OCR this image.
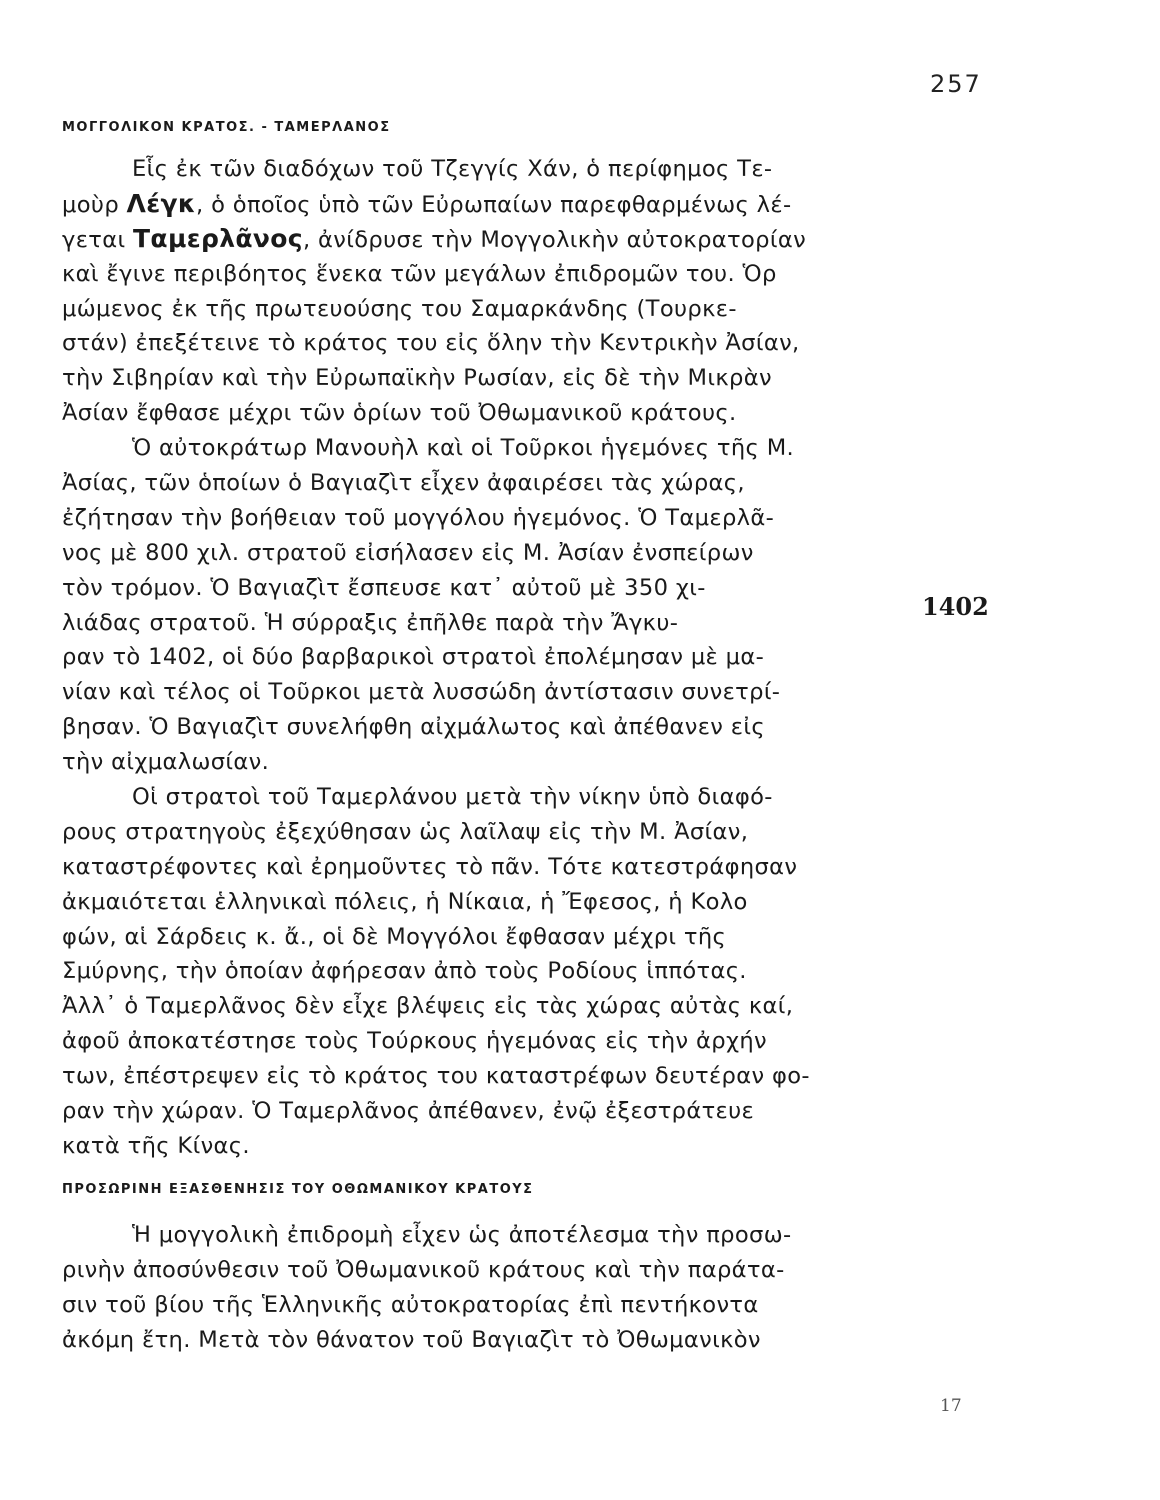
257
ΜΟΓΓΟΛΙΚΟΝ ΚΡΑΤΟΣ. - ΤΑΜΕΡΛΑΝΟΣ
Εἷς ἐκ τῶν διαδόχων τοῦ Τζεγγίς Χάν, ὁ περίφημος Τε-
μοὺρ Λέγκ, ὁ ὁποῖος ὑπὸ τῶν Εὐρωπαίων παρεφθαρμένως λέ-
γεται Ταμερλᾶνος, ἀνίδρυσε τὴν Μογγολικὴν αὐτοκρατορίαν
καὶ ἔγινε περιβόητος ἕνεκα τῶν μεγάλων ἐπιδρομῶν του. Ὁρ
μώμενος ἐκ τῆς πρωτευούσης του Σαμαρκάνδης (Τουρκε-
στάν) ἐπεξέτεινε τὸ κράτος του εἰς ὅλην τὴν Κεντρικὴν Ἀσίαν,
τὴν Σιβηρίαν καὶ τὴν Εὐρωπαϊκὴν Ρωσίαν, εἰς δὲ τὴν Μικρὰν
Ἀσίαν ἔφθασε μέχρι τῶν ὁρίων τοῦ Ὀθωμανικοῦ κράτους.
Ὁ αὐτοκράτωρ Μανουὴλ καὶ οἱ Τοῦρκοι ἡγεμόνες τῆς Μ.
Ἀσίας, τῶν ὁποίων ὁ Βαγιαζὶτ εἶχεν ἀφαιρέσει τὰς χώρας,
ἐζήτησαν τὴν βοήθειαν τοῦ μογγόλου ἡγεμόνος. Ὁ Ταμερλᾶ-
νος μὲ 800 χιλ. στρατοῦ εἰσήλασεν εἰς Μ. Ἀσίαν ἐνσπείρων
τὸν τρόμον. Ὁ Βαγιαζὶτ ἔσπευσε κατ᾽ αὐτοῦ μὲ 350 χι-
λιάδας στρατοῦ. Ἡ σύρραξις ἐπῆλθε παρὰ τὴν Ἄγκυ-
ραν τὸ 1402, οἱ δύο βαρβαρικοὶ στρατοὶ ἐπολέμησαν μὲ μα-
νίαν καὶ τέλος οἱ Τοῦρκοι μετὰ λυσσώδη ἀντίστασιν συνετρί-
βησαν. Ὁ Βαγιαζὶτ συνελήφθη αἰχμάλωτος καὶ ἀπέθανεν εἰς
τὴν αἰχμαλωσίαν.
Οἱ στρατοὶ τοῦ Ταμερλάνου μετὰ τὴν νίκην ὑπὸ διαφό-
ρους στρατηγοὺς ἐξεχύθησαν ὡς λαῖλαψ εἰς τὴν Μ. Ἀσίαν,
καταστρέφοντες καὶ ἐρημοῦντες τὸ πᾶν. Τότε κατεστράφησαν
ἀκμαιότεται ἑλληνικαὶ πόλεις, ἡ Νίκαια, ἡ Ἔφεσος, ἡ Κολο
φών, αἱ Σάρδεις κ. ἄ., οἱ δὲ Μογγόλοι ἔφθασαν μέχρι τῆς
Σμύρνης, τὴν ὁποίαν ἀφήρεσαν ἀπὸ τοὺς Ροδίους ἱππότας.
Ἀλλ᾽ ὁ Ταμερλᾶνος δὲν εἶχε βλέψεις εἰς τὰς χώρας αὐτὰς καί,
ἀφοῦ ἀποκατέστησε τοὺς Τούρκους ἡγεμόνας εἰς τὴν ἀρχήν
των, ἐπέστρεψεν εἰς τὸ κράτος του καταστρέφων δευτέραν φο-
ραν τὴν χώραν. Ὁ Ταμερλᾶνος ἀπέθανεν, ἐνῷ ἐξεστράτευε
κατὰ τῆς Κίνας.
1402
ΠΡΟΣΩΡΙΝΗ ΕΞΑΣΘΕΝΗΣΙΣ ΤΟΥ ΟΘΩΜΑΝΙΚΟΥ ΚΡΑΤΟΥΣ
Ἡ μογγολικὴ ἐπιδρομὴ εἶχεν ὡς ἀποτέλεσμα τὴν προσω-
ρινὴν ἀποσύνθεσιν τοῦ Ὀθωμανικοῦ κράτους καὶ τὴν παράτα-
σιν τοῦ βίου τῆς Ἑλληνικῆς αὐτοκρατορίας ἐπὶ πεντήκοντα
ἀκόμη ἔτη. Μετὰ τὸν θάνατον τοῦ Βαγιαζὶτ τὸ Ὀθωμανικὸν
17
